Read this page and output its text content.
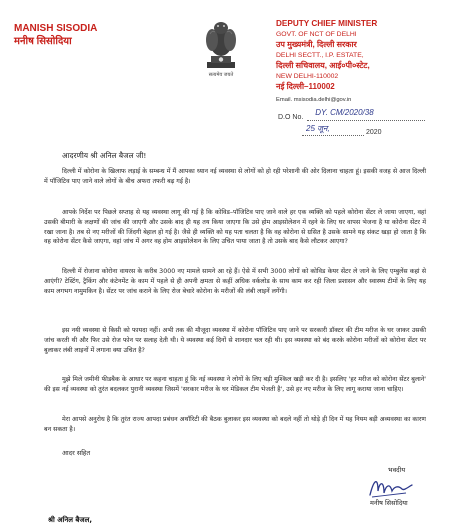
MANISH SISODIA
मनीष सिसोदिया
सत्यमेव जयते
DEPUTY CHIEF MINISTER
GOVT. OF NCT OF DELHI
उप मुख्यमंत्री, दिल्ली सरकार
DELHI SECTT., I.P. ESTATE,
दिल्ली सचिवालय, आई०पी०स्टेट,
NEW DELHI-110002
नई दिल्ली–110002
Email. msisodia.delhi@gov.in
D.O No.
DY. CM/2020/38
25 जून,	2020
आदरणीय श्री अनिल बैजल जी!
दिल्ली में कोरोना के खिलाफ लड़ाई के सम्बन्ध में मैं आपका ध्यान नई व्यवस्था से लोगों को हो रही परेशानी की ओर दिलाना चाहता हूं। इसकी वजह से आज दिल्ली में पॉजिटिव पाए जाने वाले लोगों के बीच अफरा तफरी बढ़ गई है।
आपके निर्देश पर पिछले सप्ताह से यह व्यवस्था लागू की गई है कि कोविड–पॉजिटिव पाए जाने वाले हर एक व्यक्ति को पहले कोरोना सेंटर ले जाया जाएगा, वहां उसकी बीमारी के लक्षणों की जांच की जाएगी और उसके बाद ही यह तय किया जाएगा कि उसे होम आइसोलेशन में रहने के लिए घर वापस भेजना है या कोरोना सेंटर में रखा जाना है। तब से नए मरीजों की जिंदगी बेहाल हो गई है। जैसे ही व्यक्ति को यह पता चलता है कि वह कोरोना से ग्रसित है उसके सामने यह संकट खड़ा हो जाता है कि वह कोरोना सेंटर कैसे जाएगा, वहां जांच में अगर वह होम आइसोलेशन के लिए उचित पाया जाता है तो उसके बाद कैसे लौटकर आएगा?
दिल्ली में रोजाना कोरोना वायरस के करीब 3000 नए मामले सामने आ रहे हैं। ऐसे में सभी 3000 लोगों को कोविड केयर सेंटर ले जाने के लिए एम्बुलेंस कहां से आएंगी? टेस्टिंग, ट्रैकिंग और कंटेनमेंट के काम में पहले से ही अपनी क्षमता से कहीं अधिक वर्कलोड के साथ काम कर रही जिला प्रशासन और स्वास्थ्य टीमों के लिए यह काम लगभग नामुमकिन है। सेंटर पर जांच कराने के लिए रोज बेचारे कोरोना के मरीजों की लंबी लाइनें लगेंगी।
इस नयी व्यवस्था से किसी को फायदा नहीं। अभी तक की मौजूदा व्यवस्था में कोरोना पॉजिटिव पाए जाने पर सरकारी डॉक्टर की टीम मरीज के घर जाकर उसकी जांच करती थी और फिर उसे रोज फोन पर सलाह देती थी। ये व्यवस्था कई दिनों से शानदार चल रही थी। इस व्यवस्था को बंद करके कोरोना मरीजों को कोरोना सेंटर पर बुलाकर लंबी लाइनों में लगाना क्या उचित है?
मुझे मिले जमीनी फीडबैक के आधार पर कहना चाहता हूं कि नई व्यवस्था ने लोगों के लिए बड़ी मुश्किल खड़ी कर दी है। इसलिए 'हर मरीज को कोरोना सेंटर बुलाने' की इस नई व्यवस्था को तुरंत बदलकर पुरानी व्यवस्था जिसमें 'सरकार मरीज के घर मेडिकल टीम भेजती है', उसे हर नए मरीज के लिए लागू कराया जाना चाहिए।
मेरा आपसे अनुरोध है कि तुरंत राज्य आपदा प्रबंधन अथॉरिटी की बैठक बुलाकर इस व्यवस्था को बदले नहीं तो थोड़े ही दिन में यह नियम बड़ी अव्यवस्था का कारण बन सकता है।
आदर सहित
भवदीय
मनीष सिसोदिया
श्री अनिल बैजल,
